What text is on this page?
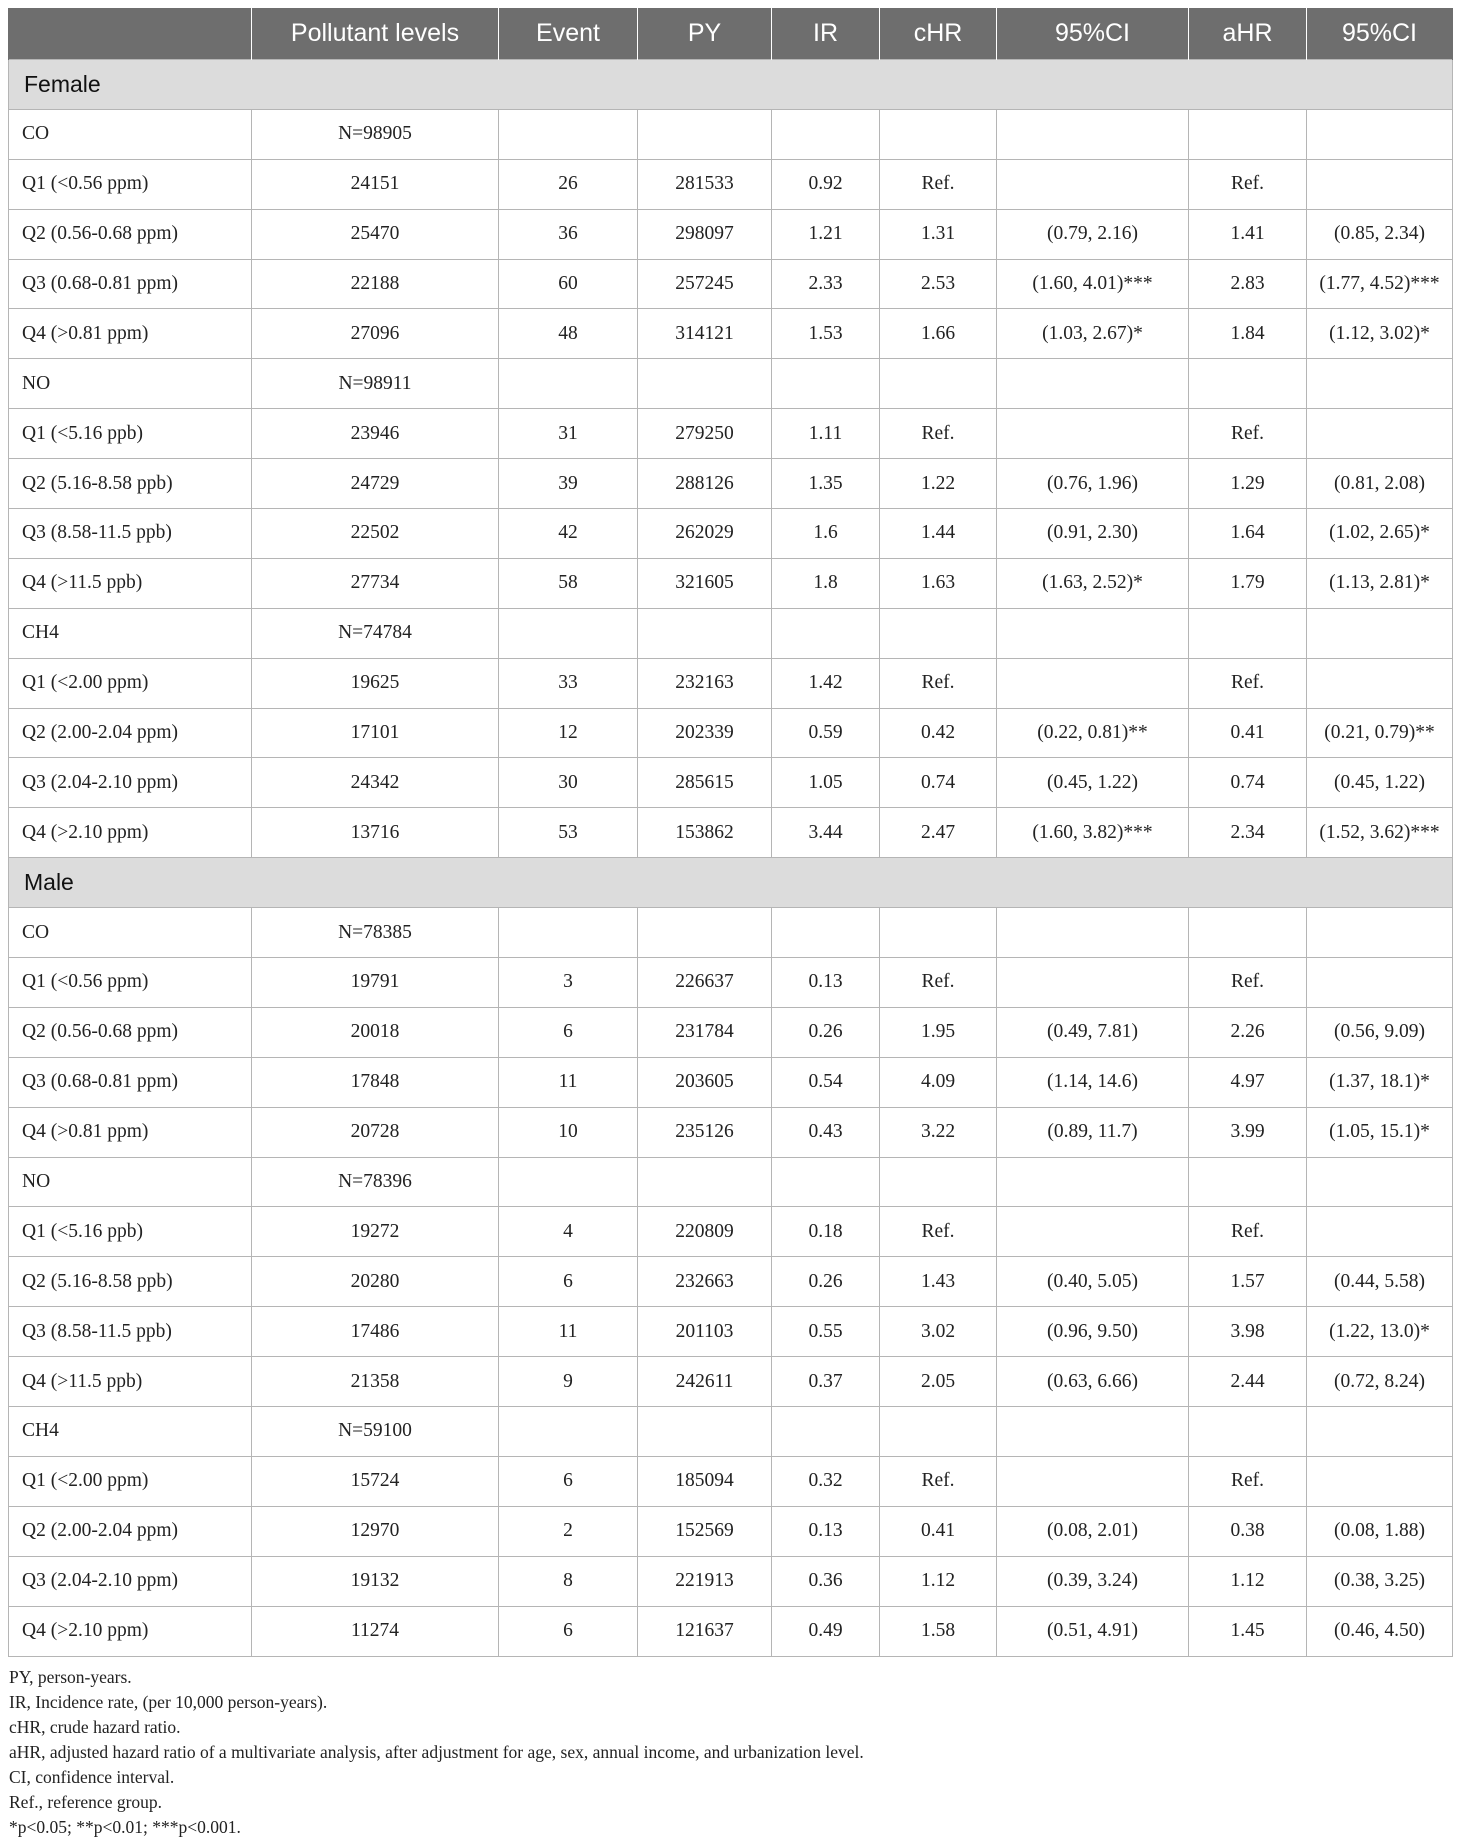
	Pollutant levels	Event	PY	IR	cHR	95%CI	aHR	95%CI
Female								
CO	N=98905							
Q1 (<0.56 ppm)	24151	26	281533	0.92	Ref.		Ref.	
Q2 (0.56-0.68 ppm)	25470	36	298097	1.21	1.31	(0.79, 2.16)	1.41	(0.85, 2.34)
Q3 (0.68-0.81 ppm)	22188	60	257245	2.33	2.53	(1.60, 4.01)***	2.83	(1.77, 4.52)***
Q4 (>0.81 ppm)	27096	48	314121	1.53	1.66	(1.03, 2.67)*	1.84	(1.12, 3.02)*
NO	N=98911							
Q1 (<5.16 ppb)	23946	31	279250	1.11	Ref.		Ref.	
Q2 (5.16-8.58 ppb)	24729	39	288126	1.35	1.22	(0.76, 1.96)	1.29	(0.81, 2.08)
Q3 (8.58-11.5 ppb)	22502	42	262029	1.6	1.44	(0.91, 2.30)	1.64	(1.02, 2.65)*
Q4 (>11.5 ppb)	27734	58	321605	1.8	1.63	(1.63, 2.52)*	1.79	(1.13, 2.81)*
CH4	N=74784							
Q1 (<2.00 ppm)	19625	33	232163	1.42	Ref.		Ref.	
Q2 (2.00-2.04 ppm)	17101	12	202339	0.59	0.42	(0.22, 0.81)**	0.41	(0.21, 0.79)**
Q3 (2.04-2.10 ppm)	24342	30	285615	1.05	0.74	(0.45, 1.22)	0.74	(0.45, 1.22)
Q4 (>2.10 ppm)	13716	53	153862	3.44	2.47	(1.60, 3.82)***	2.34	(1.52, 3.62)***
Male								
CO	N=78385							
Q1 (<0.56 ppm)	19791	3	226637	0.13	Ref.		Ref.	
Q2 (0.56-0.68 ppm)	20018	6	231784	0.26	1.95	(0.49, 7.81)	2.26	(0.56, 9.09)
Q3 (0.68-0.81 ppm)	17848	11	203605	0.54	4.09	(1.14, 14.6)	4.97	(1.37, 18.1)*
Q4 (>0.81 ppm)	20728	10	235126	0.43	3.22	(0.89, 11.7)	3.99	(1.05, 15.1)*
NO	N=78396							
Q1 (<5.16 ppb)	19272	4	220809	0.18	Ref.		Ref.	
Q2 (5.16-8.58 ppb)	20280	6	232663	0.26	1.43	(0.40, 5.05)	1.57	(0.44, 5.58)
Q3 (8.58-11.5 ppb)	17486	11	201103	0.55	3.02	(0.96, 9.50)	3.98	(1.22, 13.0)*
Q4 (>11.5 ppb)	21358	9	242611	0.37	2.05	(0.63, 6.66)	2.44	(0.72, 8.24)
CH4	N=59100							
Q1 (<2.00 ppm)	15724	6	185094	0.32	Ref.		Ref.	
Q2 (2.00-2.04 ppm)	12970	2	152569	0.13	0.41	(0.08, 2.01)	0.38	(0.08, 1.88)
Q3 (2.04-2.10 ppm)	19132	8	221913	0.36	1.12	(0.39, 3.24)	1.12	(0.38, 3.25)
Q4 (>2.10 ppm)	11274	6	121637	0.49	1.58	(0.51, 4.91)	1.45	(0.46, 4.50)
PY, person-years.
IR, Incidence rate, (per 10,000 person-years).
cHR, crude hazard ratio.
aHR, adjusted hazard ratio of a multivariate analysis, after adjustment for age, sex, annual income, and urbanization level.
CI, confidence interval.
Ref., reference group.
*p<0.05; **p<0.01; ***p<0.001.
